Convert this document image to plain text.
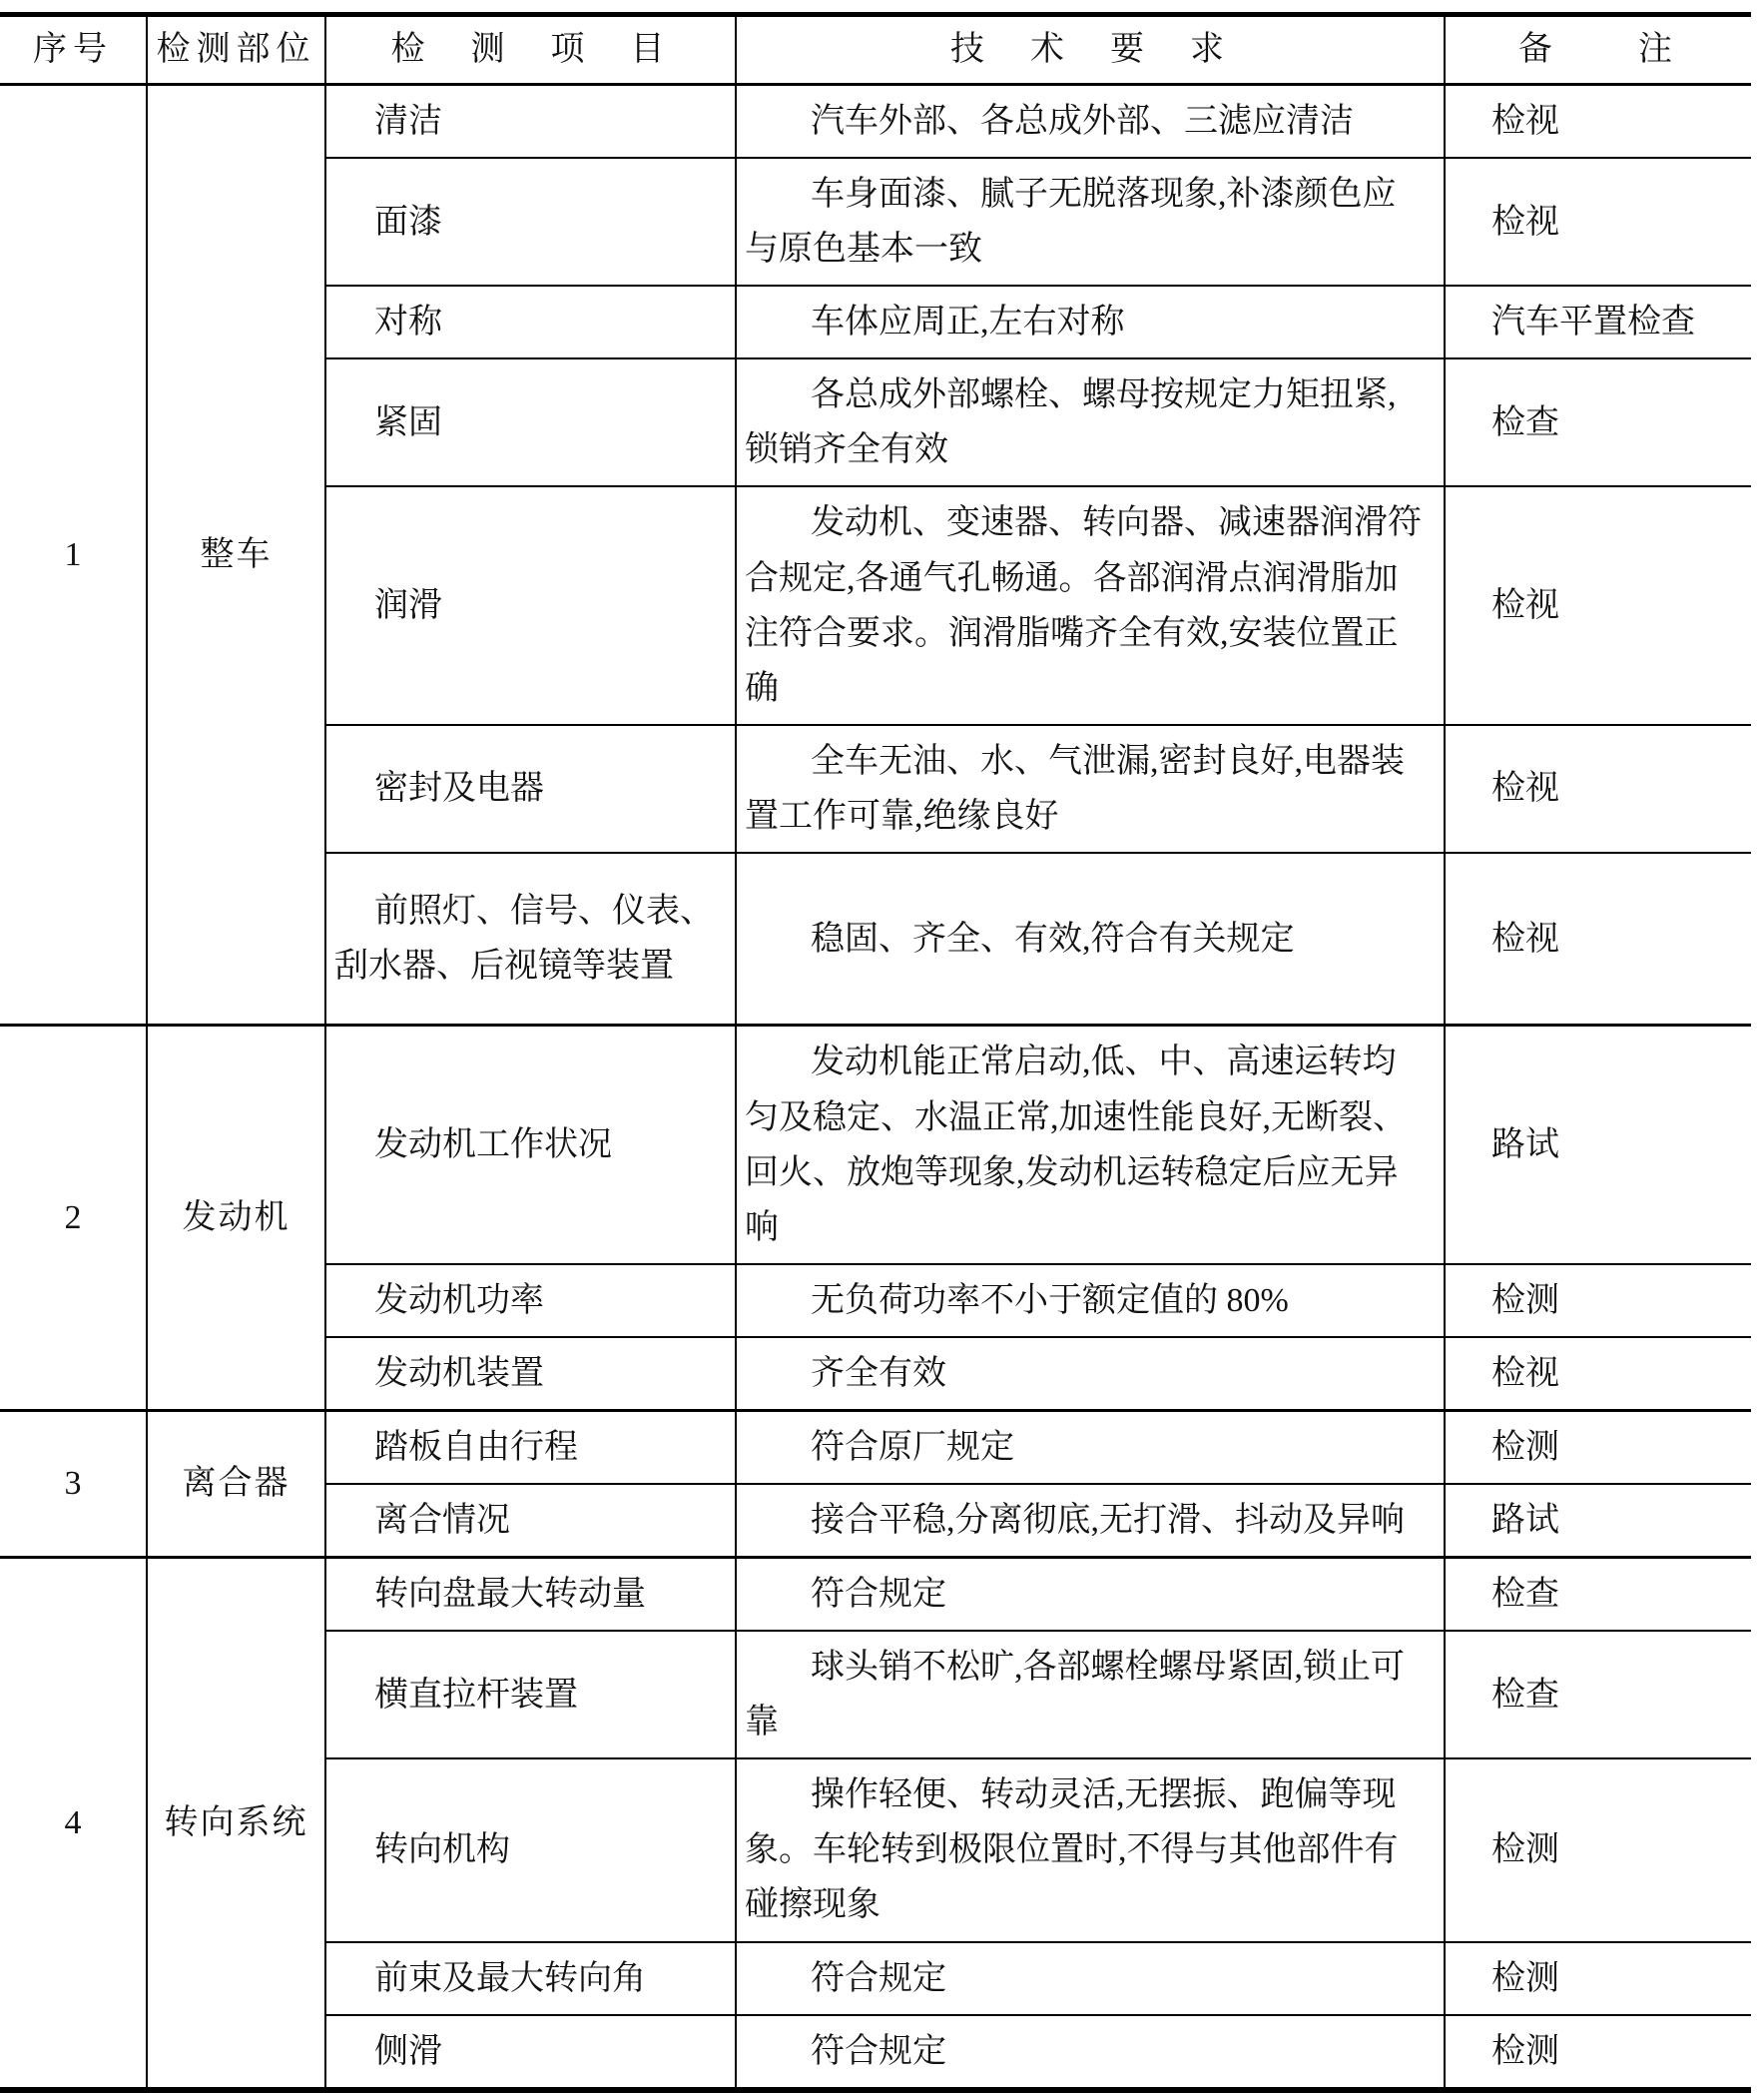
序号	检测部位	检　测　项　目	技　术　要　求	备　　注
1	整车	清洁	汽车外部、各总成外部、三滤应清洁	检视
		面漆	车身面漆、腻子无脱落现象,补漆颜色应与原色基本一致	检视
		对称	车体应周正,左右对称	汽车平置检查
		紧固	各总成外部螺栓、螺母按规定力矩扭紧,锁销齐全有效	检查
		润滑	发动机、变速器、转向器、减速器润滑符合规定,各通气孔畅通。各部润滑点润滑脂加注符合要求。润滑脂嘴齐全有效,安装位置正确	检视
		密封及电器	全车无油、水、气泄漏,密封良好,电器装置工作可靠,绝缘良好	检视
		前照灯、信号、仪表、刮水器、后视镜等装置	稳固、齐全、有效,符合有关规定	检视
2	发动机	发动机工作状况	发动机能正常启动,低、中、高速运转均匀及稳定、水温正常,加速性能良好,无断裂、回火、放炮等现象,发动机运转稳定后应无异响	路试
		发动机功率	无负荷功率不小于额定值的 80%	检测
		发动机装置	齐全有效	检视
3	离合器	踏板自由行程	符合原厂规定	检测
		离合情况	接合平稳,分离彻底,无打滑、抖动及异响	路试
4	转向系统	转向盘最大转动量	符合规定	检查
		横直拉杆装置	球头销不松旷,各部螺栓螺母紧固,锁止可靠	检查
		转向机构	操作轻便、转动灵活,无摆振、跑偏等现象。车轮转到极限位置时,不得与其他部件有碰擦现象	检测
		前束及最大转向角	符合规定	检测
		侧滑	符合规定	检测
